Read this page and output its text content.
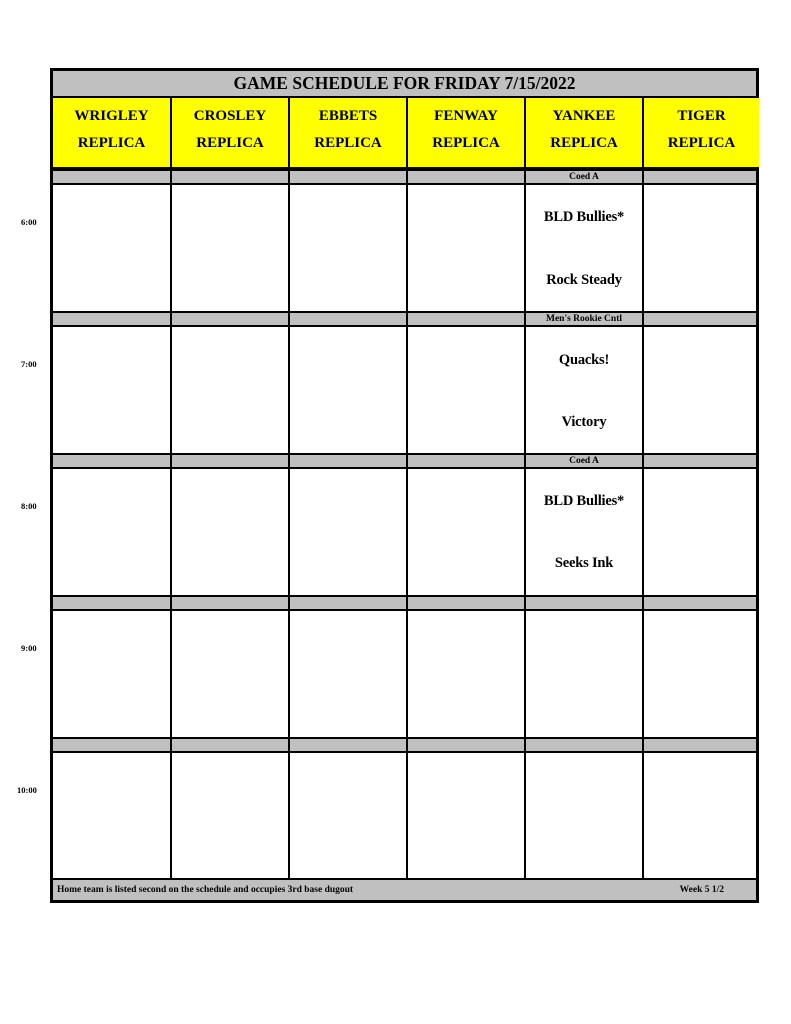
GAME SCHEDULE FOR FRIDAY 7/15/2022
WRIGLEY
REPLICA
CROSLEY
REPLICA
EBBETS
REPLICA
FENWAY
REPLICA
YANKEE
REPLICA
TIGER
REPLICA
Coed A
Men's Rookie Cntl
Coed A
BLD Bullies*
Rock Steady
Quacks!
Victory
BLD Bullies*
Seeks Ink
Home team is listed second on the schedule and occupies 3rd base dugout	Week 5 1/2
6:00
7:00
8:00
9:00
10:00
